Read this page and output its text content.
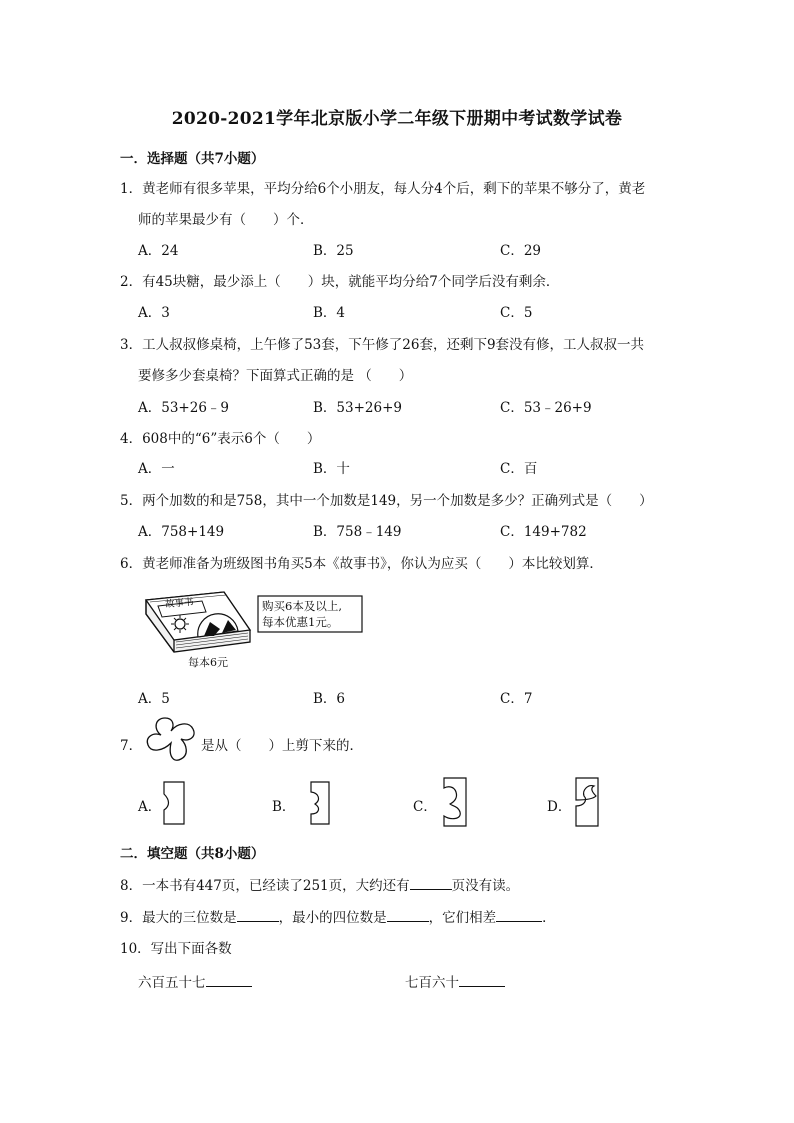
2020-2021学年北京版小学二年级下册期中考试数学试卷
一．选择题（共7小题）
1．黄老师有很多苹果，平均分给6个小朋友，每人分4个后，剩下的苹果不够分了，黄老
师的苹果最少有（　　）个．
A．24	B．25	C．29
2．有45块糖，最少添上（　　）块，就能平均分给7个同学后没有剩余．
A．3	B．4	C．5
3．工人叔叔修桌椅，上午修了53套，下午修了26套，还剩下9套没有修，工人叔叔一共
要修多少套桌椅？下面算式正确的是 （　　）
A．53+26﹣9	B．53+26+9	C．53﹣26+9
4．608中的“6”表示6个（　　）
A．一	B．十	C．百
5．两个加数的和是758，其中一个加数是149，另一个加数是多少？正确列式是（　　）
A．758+149	B．758﹣149	C．149+782
6．黄老师准备为班级图书角买5本《故事书》，你认为应买（　　）本比较划算．
故事书	购买6本及以上,
每本优惠1元。
每本6元
A．5	B．6	C．7
7．	是从（　　）上剪下来的．
A．	B．	C．	D．
二．填空题（共8小题）
8．一本书有447页，已经读了251页，大约还有	页没有读。
9．最大的三位数是	，最小的四位数是	，它们相差	．
10．写出下面各数
六百五十七	七百六十
